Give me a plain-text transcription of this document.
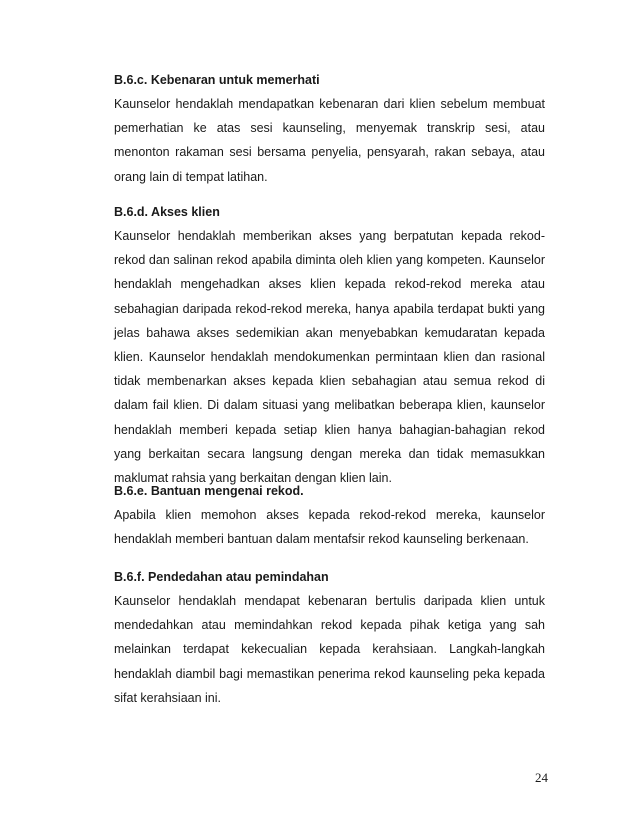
B.6.c. Kebenaran untuk memerhati
Kaunselor hendaklah mendapatkan kebenaran dari klien sebelum membuat
pemerhatian ke atas sesi kaunseling, menyemak transkrip sesi, atau
menonton rakaman sesi bersama penyelia, pensyarah, rakan sebaya, atau
orang lain di tempat latihan.
B.6.d. Akses klien
Kaunselor hendaklah memberikan akses yang berpatutan kepada rekod-
rekod dan salinan rekod apabila diminta oleh klien yang kompeten. Kaunselor
hendaklah mengehadkan akses klien kepada rekod-rekod mereka atau
sebahagian daripada rekod-rekod mereka, hanya apabila terdapat bukti yang
jelas bahawa akses sedemikian akan menyebabkan kemudaratan kepada
klien. Kaunselor hendaklah mendokumenkan permintaan klien dan rasional
tidak membenarkan akses kepada klien sebahagian atau semua rekod di
dalam fail klien. Di dalam situasi yang melibatkan beberapa klien, kaunselor
hendaklah memberi kepada setiap klien hanya bahagian-bahagian rekod
yang berkaitan secara langsung dengan mereka dan tidak memasukkan
maklumat rahsia yang berkaitan dengan klien lain.
B.6.e. Bantuan mengenai rekod.
Apabila klien memohon akses kepada rekod-rekod mereka, kaunselor
hendaklah memberi bantuan dalam mentafsir rekod kaunseling berkenaan.
B.6.f. Pendedahan atau pemindahan
Kaunselor hendaklah mendapat kebenaran bertulis daripada klien untuk
mendedahkan atau memindahkan rekod kepada pihak ketiga yang sah
melainkan terdapat kekecualian kepada kerahsiaan. Langkah-langkah
hendaklah diambil bagi memastikan penerima rekod kaunseling peka kepada
sifat kerahsiaan ini.
24
